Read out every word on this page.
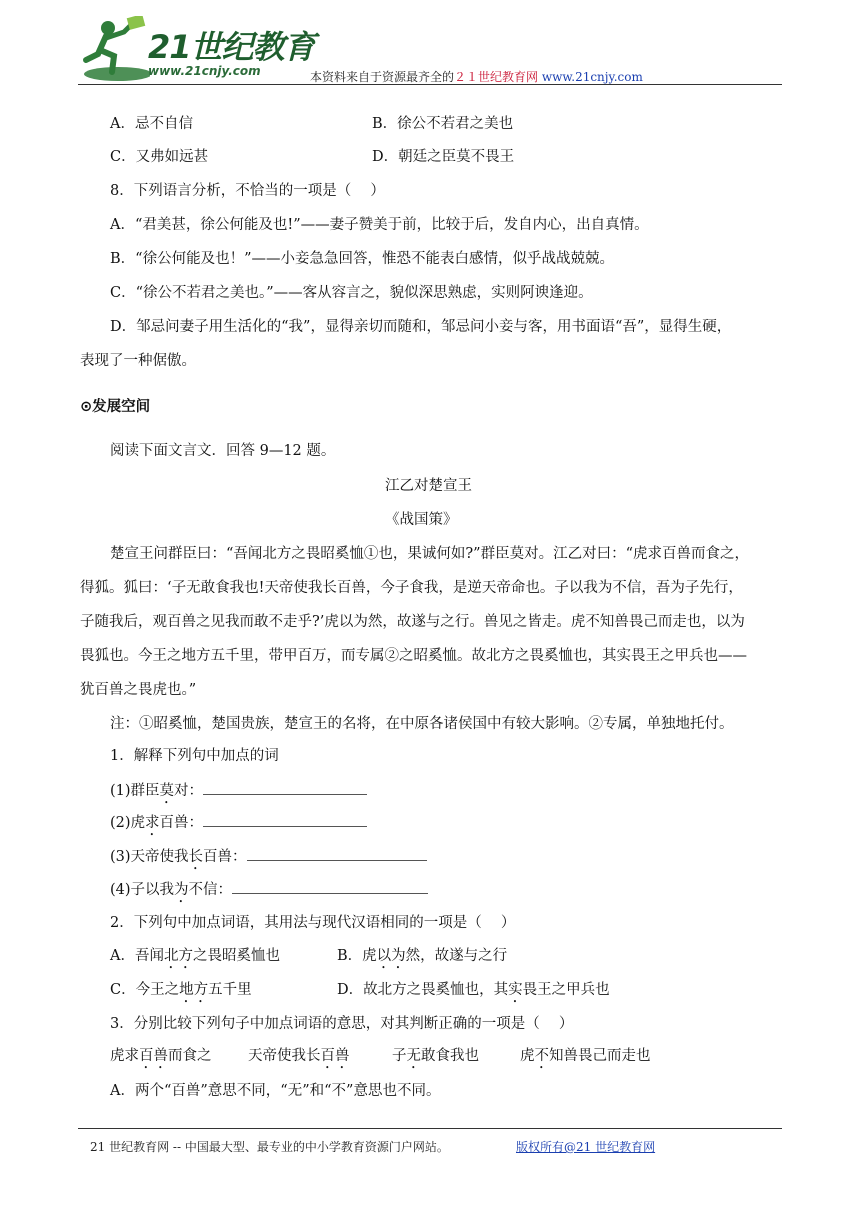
21世纪教育
www.21cnjy.com	本资料来自于资源最齐全的２１世纪教育网 www.21cnjy.com
A．忌不自信	B．徐公不若君之美也
C．又弗如远甚	D．朝廷之臣莫不畏王
8．下列语言分析，不恰当的一项是（　 ）
A．“君美甚，徐公何能及也!”——妻子赞美于前，比较于后，发自内心，出自真情。
B．“徐公何能及也！”——小妾急急回答，惟恐不能表白感情，似乎战战兢兢。
C．“徐公不若君之美也。”——客从容言之，貌似深思熟虑，实则阿谀逢迎。
D．邹忌问妻子用生活化的“我”，显得亲切而随和，邹忌问小妾与客，用书面语“吾”，显得生硬，
表现了一种倨傲。
⊙发展空间
阅读下面文言文．回答 9—12 题。
江乙对楚宣王
《战国策》
楚宣王问群臣曰：“吾闻北方之畏昭奚恤①也，果诚何如?”群臣莫对。江乙对曰：“虎求百兽而食之，
得狐。狐曰：‘子无敢食我也!天帝使我长百兽，今子食我，是逆天帝命也。子以我为不信，吾为子先行，
子随我后，观百兽之见我而敢不走乎?’虎以为然，故遂与之行。兽见之皆走。虎不知兽畏己而走也，以为
畏狐也。今王之地方五千里，带甲百万，而专属②之昭奚恤。故北方之畏奚恤也，其实畏王之甲兵也——
犹百兽之畏虎也。”
注：①昭奚恤，楚国贵族，楚宣王的名将，在中原各诸侯国中有较大影响。②专属，单独地托付。
1．解释下列句中加点的词
(1)群臣莫对：
(2)虎求百兽：
(3)天帝使我长百兽：
(4)子以我为不信：
2．下列句中加点词语，其用法与现代汉语相同的一项是（　 ）
A．吾闻北方之畏昭奚恤也	B．虎以为然，故遂与之行
C．今王之地方五千里	D．故北方之畏奚恤也，其实畏王之甲兵也
3．分别比较下列句子中加点词语的意思，对其判断正确的一项是（　 ）
虎求百兽而食之	天帝使我长百兽	子无敢食我也	虎不知兽畏己而走也
A．两个“百兽”意思不同，“无”和“不”意思也不同。
21 世纪教育网 -- 中国最大型、最专业的中小学教育资源门户网站。	版权所有@21 世纪教育网
